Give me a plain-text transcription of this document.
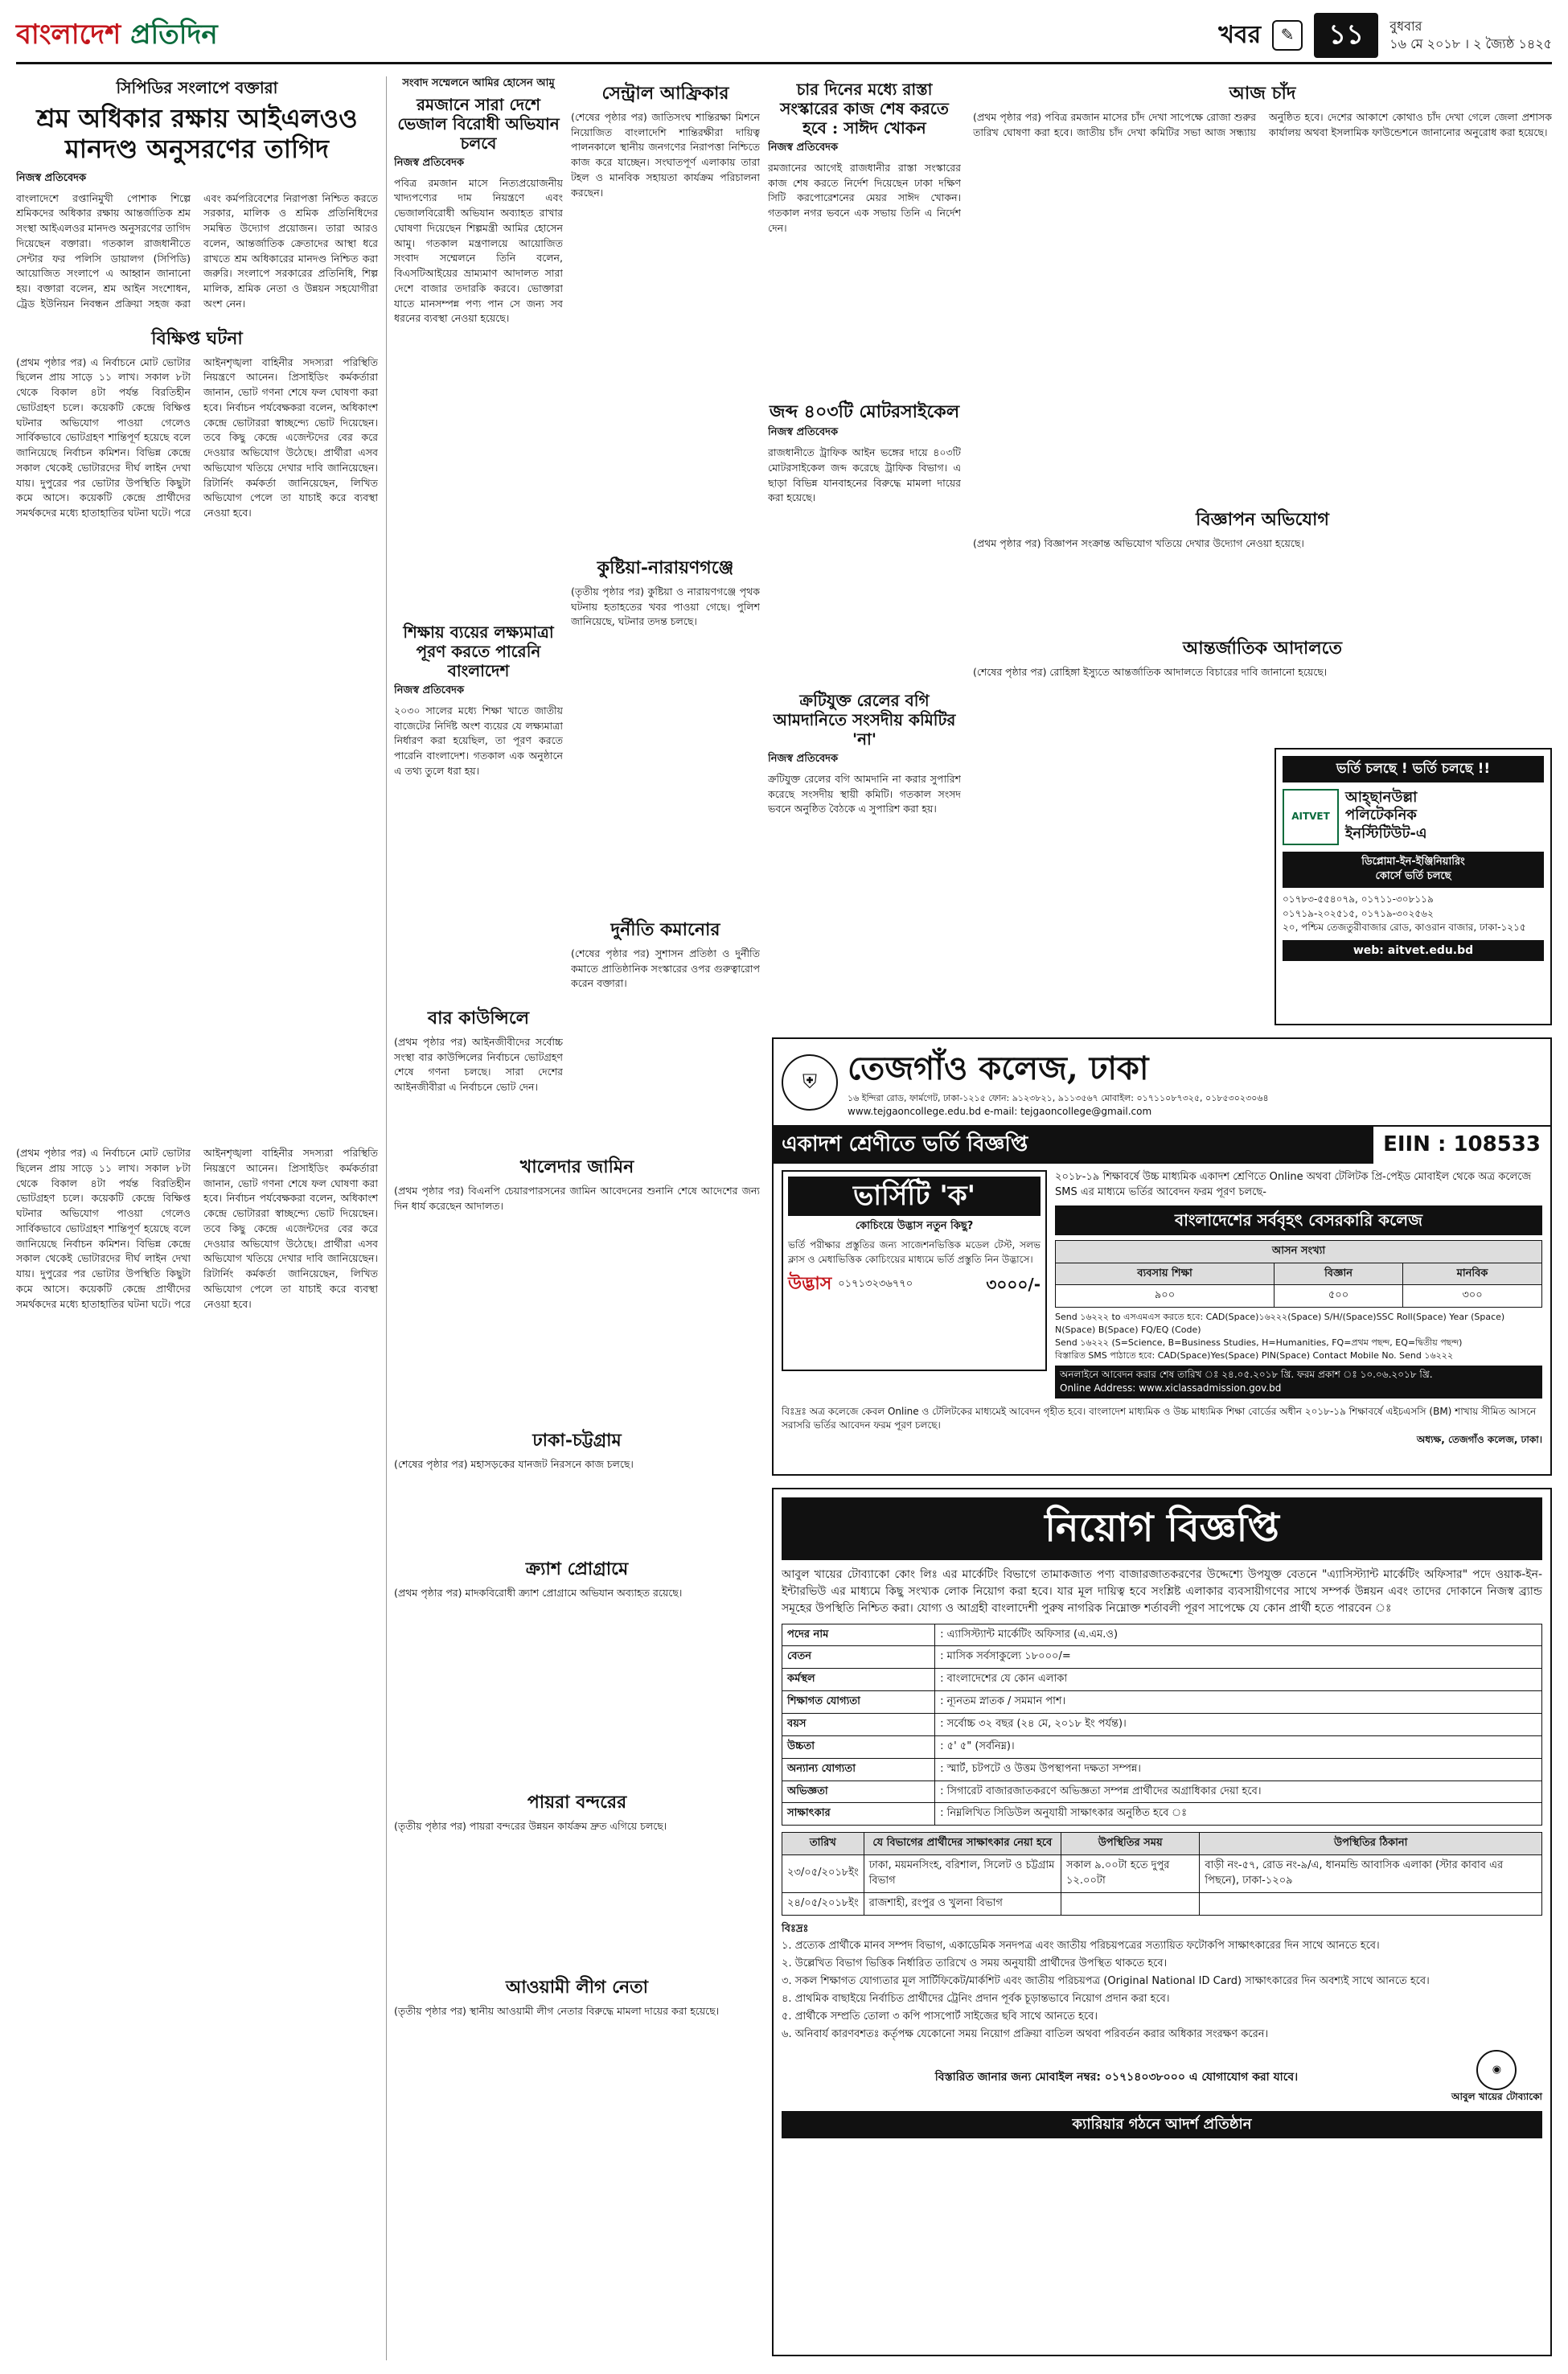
বাংলাদেশ প্রতিদিন	খবর	✎	১১	বুধবার
১৬ মে ২০১৮ । ২ জ্যৈষ্ঠ ১৪২৫
সিপিডির সংলাপে বক্তারা
শ্রম অধিকার রক্ষায় আইএলওও মানদণ্ড অনুসরণের তাগিদ
নিজস্ব প্রতিবেদক

বাংলাদেশে রপ্তানিমুখী পোশাক শিল্পে শ্রমিকদের অধিকার রক্ষায় আন্তর্জাতিক শ্রম সংস্থা আইএলওর মানদণ্ড অনুসরণের তাগিদ দিয়েছেন বক্তারা। গতকাল রাজধানীতে সেন্টার ফর পলিসি ডায়ালগ (সিপিডি) আয়োজিত সংলাপে এ আহ্বান জানানো হয়। বক্তারা বলেন, শ্রম আইন সংশোধন, ট্রেড ইউনিয়ন নিবন্ধন প্রক্রিয়া সহজ করা এবং কর্মপরিবেশের নিরাপত্তা নিশ্চিত করতে সরকার, মালিক ও শ্রমিক প্রতিনিধিদের সমন্বিত উদ্যোগ প্রয়োজন। তারা আরও বলেন, আন্তর্জাতিক ক্রেতাদের আস্থা ধরে রাখতে শ্রম অধিকারের মানদণ্ড নিশ্চিত করা জরুরি। সংলাপে সরকারের প্রতিনিধি, শিল্প মালিক, শ্রমিক নেতা ও উন্নয়ন সহযোগীরা অংশ নেন।

বিক্ষিপ্ত ঘটনা

(প্রথম পৃষ্ঠার পর) এ নির্বাচনে মোট ভোটার ছিলেন প্রায় সাড়ে ১১ লাখ। সকাল ৮টা থেকে বিকাল ৪টা পর্যন্ত বিরতিহীন ভোটগ্রহণ চলে। কয়েকটি কেন্দ্রে বিক্ষিপ্ত ঘটনার অভিযোগ পাওয়া গেলেও সার্বিকভাবে ভোটগ্রহণ শান্তিপূর্ণ হয়েছে বলে জানিয়েছে নির্বাচন কমিশন। বিভিন্ন কেন্দ্রে সকাল থেকেই ভোটারদের দীর্ঘ লাইন দেখা যায়। দুপুরের পর ভোটার উপস্থিতি কিছুটা কমে আসে। কয়েকটি কেন্দ্রে প্রার্থীদের সমর্থকদের মধ্যে হাতাহাতির ঘটনা ঘটে। পরে আইনশৃঙ্খলা বাহিনীর সদস্যরা পরিস্থিতি নিয়ন্ত্রণে আনেন। প্রিসাইডিং কর্মকর্তারা জানান, ভোট গণনা শেষে ফল ঘোষণা করা হবে। নির্বাচন পর্যবেক্ষকরা বলেন, অধিকাংশ কেন্দ্রে ভোটাররা স্বাচ্ছন্দ্যে ভোট দিয়েছেন। তবে কিছু কেন্দ্রে এজেন্টদের বের করে দেওয়ার অভিযোগ উঠেছে। প্রার্থীরা এসব অভিযোগ খতিয়ে দেখার দাবি জানিয়েছেন। রিটার্নিং কর্মকর্তা জানিয়েছেন, লিখিত অভিযোগ পেলে তা যাচাই করে ব্যবস্থা নেওয়া হবে।

সংবাদ সম্মেলনে আমির হোসেন আমু
রমজানে সারা দেশে ভেজাল বিরোধী অভিযান চলবে
নিজস্ব প্রতিবেদক

পবিত্র রমজান মাসে নিত্যপ্রয়োজনীয় খাদ্যপণ্যের দাম নিয়ন্ত্রণে এবং ভেজালবিরোধী অভিযান অব্যাহত রাখার ঘোষণা দিয়েছেন শিল্পমন্ত্রী আমির হোসেন আমু। গতকাল মন্ত্রণালয়ে আয়োজিত সংবাদ সম্মেলনে তিনি বলেন, বিএসটিআইয়ের ভ্রাম্যমাণ আদালত সারা দেশে বাজার তদারকি করবে। ভোক্তারা যাতে মানসম্পন্ন পণ্য পান সে জন্য সব ধরনের ব্যবস্থা নেওয়া হয়েছে।

শিক্ষায় ব্যয়ের লক্ষ্যমাত্রা পূরণ করতে পারেনি বাংলাদেশ
নিজস্ব প্রতিবেদক

২০৩০ সালের মধ্যে শিক্ষা খাতে জাতীয় বাজেটের নির্দিষ্ট অংশ ব্যয়ের যে লক্ষ্যমাত্রা নির্ধারণ করা হয়েছিল, তা পূরণ করতে পারেনি বাংলাদেশ। গতকাল এক অনুষ্ঠানে এ তথ্য তুলে ধরা হয়।

বার কাউন্সিলে

(প্রথম পৃষ্ঠার পর) আইনজীবীদের সর্বোচ্চ সংস্থা বার কাউন্সিলের নির্বাচনে ভোটগ্রহণ শেষে গণনা চলছে। সারা দেশের আইনজীবীরা এ নির্বাচনে ভোট দেন।

সেন্ট্রাল আফ্রিকার

(শেষের পৃষ্ঠার পর) জাতিসংঘ শান্তিরক্ষা মিশনে নিয়োজিত বাংলাদেশি শান্তিরক্ষীরা দায়িত্ব পালনকালে স্থানীয় জনগণের নিরাপত্তা নিশ্চিতে কাজ করে যাচ্ছেন। সংঘাতপূর্ণ এলাকায় তারা টহল ও মানবিক সহায়তা কার্যক্রম পরিচালনা করছেন।

কুষ্টিয়া-নারায়ণগঞ্জে

(তৃতীয় পৃষ্ঠার পর) কুষ্টিয়া ও নারায়ণগঞ্জে পৃথক ঘটনায় হতাহতের খবর পাওয়া গেছে। পুলিশ জানিয়েছে, ঘটনার তদন্ত চলছে।

দুর্নীতি কমানোর

(শেষের পৃষ্ঠার পর) সুশাসন প্রতিষ্ঠা ও দুর্নীতি কমাতে প্রাতিষ্ঠানিক সংস্কারের ওপর গুরুত্বারোপ করেন বক্তারা।

চার দিনের মধ্যে রাস্তা সংস্কারের কাজ শেষ করতে হবে : সাঈদ খোকন
নিজস্ব প্রতিবেদক

রমজানের আগেই রাজধানীর রাস্তা সংস্কারের কাজ শেষ করতে নির্দেশ দিয়েছেন ঢাকা দক্ষিণ সিটি করপোরেশনের মেয়র সাঈদ খোকন। গতকাল নগর ভবনে এক সভায় তিনি এ নির্দেশ দেন।

জব্দ ৪০৩টি মোটরসাইকেল
নিজস্ব প্রতিবেদক

রাজধানীতে ট্রাফিক আইন ভঙ্গের দায়ে ৪০৩টি মোটরসাইকেল জব্দ করেছে ট্রাফিক বিভাগ। এ ছাড়া বিভিন্ন যানবাহনের বিরুদ্ধে মামলা দায়ের করা হয়েছে।

ক্রটিযুক্ত রেলের বগি আমদানিতে সংসদীয় কমিটির 'না'
নিজস্ব প্রতিবেদক

ক্রটিযুক্ত রেলের বগি আমদানি না করার সুপারিশ করেছে সংসদীয় স্থায়ী কমিটি। গতকাল সংসদ ভবনে অনুষ্ঠিত বৈঠকে এ সুপারিশ করা হয়।

আজ চাঁদ

(প্রথম পৃষ্ঠার পর) পবিত্র রমজান মাসের চাঁদ দেখা সাপেক্ষে রোজা শুরুর তারিখ ঘোষণা করা হবে। জাতীয় চাঁদ দেখা কমিটির সভা আজ সন্ধ্যায় অনুষ্ঠিত হবে। দেশের আকাশে কোথাও চাঁদ দেখা গেলে জেলা প্রশাসক কার্যালয় অথবা ইসলামিক ফাউন্ডেশনে জানানোর অনুরোধ করা হয়েছে।

বিজ্ঞাপন অভিযোগ

(প্রথম পৃষ্ঠার পর) বিজ্ঞাপন সংক্রান্ত অভিযোগ খতিয়ে দেখার উদ্যোগ নেওয়া হয়েছে।

আন্তর্জাতিক আদালতে

(শেষের পৃষ্ঠার পর) রোহিঙ্গা ইস্যুতে আন্তর্জাতিক আদালতে বিচারের দাবি জানানো হয়েছে।

ভর্তি চলছে ! ভর্তি চলছে !!
AITVET
আহ্‌ছানউল্লা
পলিটেকনিক
ইনস্টিটিউট-এ
ডিপ্লোমা-ইন-ইঞ্জিনিয়ারিং
কোর্সে ভর্তি চলছে
০১৭৮৩-৫৫৪০৭৯, ০১৭১১-৩০৮১১৯
০১৭১৯-২০২৫১৫, ০১৭১৯-৩০২৫৬২
২০, পশ্চিম তেজতুরীবাজার রোড, কাওরান বাজার, ঢাকা-১২১৫
web: aitvet.edu.bd
⛨ তেজগাঁও কলেজ, ঢাকা
১৬ ইন্দিরা রোড, ফার্মগেট, ঢাকা-১২১৫ ফোন: ৯১২৩৮২১, ৯১১৩৫৬৭ মোবাইল: ০১৭১১০৮৭৩২৫, ০১৮৫৩০২৩০৬৪
www.tejgaoncollege.edu.bd e-mail: tejgaoncollege@gmail.com
একাদশ শ্রেণীতে ভর্তি বিজ্ঞপ্তি	EIIN : 108533
ভার্সিটি 'ক'
কোচিংয়ে উদ্ভাস নতুন কিছু?

ভর্তি পরীক্ষার প্রস্তুতির জন্য সাজেশনভিত্তিক মডেল টেস্ট, সলভ ক্লাস ও মেধাভিত্তিক কোচিংয়ের মাধ্যমে ভর্তি প্রস্তুতি নিন উদ্ভাসে।

উদ্ভাস ০১৭১৩২৩৬৭৭০	৩০০০/-

২০১৮-১৯ শিক্ষাবর্ষে উচ্চ মাধ্যমিক একাদশ শ্রেণিতে Online অথবা টেলিটক প্রি-পেইড মোবাইল থেকে অত্র কলেজে SMS এর মাধ্যমে ভর্তির আবেদন ফরম পূরণ চলছে-

বাংলাদেশের সর্ববৃহৎ বেসরকারি কলেজ
আসন সংখ্যা		
ব্যবসায় শিক্ষা	বিজ্ঞান	মানবিক
৯০০	৫০০	৩০০
Send ১৬২২২ to এসএমএস করতে হবে: CAD(Space)১৬২২২(Space) S/H/(Space)SSC Roll(Space) Year (Space) N(Space) B(Space) FQ/EQ (Code)
Send ১৬২২২ (S=Science, B=Business Studies, H=Humanities, FQ=প্রথম পছন্দ, EQ=দ্বিতীয় পছন্দ)
বিস্তারিত SMS পাঠাতে হবে: CAD(Space)Yes(Space) PIN(Space) Contact Mobile No. Send ১৬২২২
অনলাইনে আবেদন করার শেষ তারিখ ঃ ২৪.০৫.২০১৮ খ্রি. ফরম প্রকাশ ঃ ১০.০৬.২০১৮ খ্রি.
Online Address: www.xiclassadmission.gov.bd
বিঃদ্রঃ অত্র কলেজে কেবল Online ও টেলিটকের মাধ্যমেই আবেদন গৃহীত হবে। বাংলাদেশ মাধ্যমিক ও উচ্চ মাধ্যমিক শিক্ষা বোর্ডের অধীন ২০১৮-১৯ শিক্ষাবর্ষে এইচএসসি (BM) শাখায় সীমিত আসনে সরাসরি ভর্তির আবেদন ফরম পূরণ চলছে।
অধ্যক্ষ, তেজগাঁও কলেজ, ঢাকা।
খালেদার জামিন

(প্রথম পৃষ্ঠার পর) বিএনপি চেয়ারপারসনের জামিন আবেদনের শুনানি শেষে আদেশের জন্য দিন ধার্য করেছেন আদালত।

ঢাকা-চট্টগ্রাম

(শেষের পৃষ্ঠার পর) মহাসড়কের যানজট নিরসনে কাজ চলছে।

ক্র্যাশ প্রোগ্রামে

(প্রথম পৃষ্ঠার পর) মাদকবিরোধী ক্র্যাশ প্রোগ্রামে অভিযান অব্যাহত রয়েছে।

পায়রা বন্দরের

(তৃতীয় পৃষ্ঠার পর) পায়রা বন্দরের উন্নয়ন কার্যক্রম দ্রুত এগিয়ে চলছে।

আওয়ামী লীগ নেতা

(তৃতীয় পৃষ্ঠার পর) স্থানীয় আওয়ামী লীগ নেতার বিরুদ্ধে মামলা দায়ের করা হয়েছে।

(প্রথম পৃষ্ঠার পর) এ নির্বাচনে মোট ভোটার ছিলেন প্রায় সাড়ে ১১ লাখ। সকাল ৮টা থেকে বিকাল ৪টা পর্যন্ত বিরতিহীন ভোটগ্রহণ চলে। কয়েকটি কেন্দ্রে বিক্ষিপ্ত ঘটনার অভিযোগ পাওয়া গেলেও সার্বিকভাবে ভোটগ্রহণ শান্তিপূর্ণ হয়েছে বলে জানিয়েছে নির্বাচন কমিশন। বিভিন্ন কেন্দ্রে সকাল থেকেই ভোটারদের দীর্ঘ লাইন দেখা যায়। দুপুরের পর ভোটার উপস্থিতি কিছুটা কমে আসে। কয়েকটি কেন্দ্রে প্রার্থীদের সমর্থকদের মধ্যে হাতাহাতির ঘটনা ঘটে। পরে আইনশৃঙ্খলা বাহিনীর সদস্যরা পরিস্থিতি নিয়ন্ত্রণে আনেন। প্রিসাইডিং কর্মকর্তারা জানান, ভোট গণনা শেষে ফল ঘোষণা করা হবে। নির্বাচন পর্যবেক্ষকরা বলেন, অধিকাংশ কেন্দ্রে ভোটাররা স্বাচ্ছন্দ্যে ভোট দিয়েছেন। তবে কিছু কেন্দ্রে এজেন্টদের বের করে দেওয়ার অভিযোগ উঠেছে। প্রার্থীরা এসব অভিযোগ খতিয়ে দেখার দাবি জানিয়েছেন। রিটার্নিং কর্মকর্তা জানিয়েছেন, লিখিত অভিযোগ পেলে তা যাচাই করে ব্যবস্থা নেওয়া হবে।

নিয়োগ বিজ্ঞপ্তি

আবুল খায়ের টোব্যাকো কোং লিঃ এর মার্কেটিং বিভাগে তামাকজাত পণ্য বাজারজাতকরণের উদ্দেশ্যে উপযুক্ত বেতনে "এ্যাসিস্ট্যান্ট মার্কেটিং অফিসার" পদে ওয়াক-ইন-ইন্টারভিউ এর মাধ্যমে কিছু সংখ্যক লোক নিয়োগ করা হবে। যার মূল দায়িত্ব হবে সংশ্লিষ্ট এলাকার ব্যবসায়ীগণের সাথে সম্পর্ক উন্নয়ন এবং তাদের দোকানে নিজস্ব ব্র্যান্ড সমূহের উপস্থিতি নিশ্চিত করা। যোগ্য ও আগ্রহী বাংলাদেশী পুরুষ নাগরিক নিম্নোক্ত শর্তাবলী পূরণ সাপেক্ষে যে কোন প্রার্থী হতে পারবেন ঃ

পদের নাম	: এ্যাসিস্ট্যান্ট মার্কেটিং অফিসার (এ.এম.ও)
বেতন	: মাসিক সর্বসাকুল্যে ১৮০০০/=
কর্মস্থল	: বাংলাদেশের যে কোন এলাকা
শিক্ষাগত যোগ্যতা	: ন্যূনতম স্নাতক / সমমান পাশ।
বয়স	: সর্বোচ্চ ৩২ বছর (২৪ মে, ২০১৮ ইং পর্যন্ত)।
উচ্চতা	: ৫' ৫" (সর্বনিম্ন)।
অন্যান্য যোগ্যতা	: স্মার্ট, চটপটে ও উত্তম উপস্থাপনা দক্ষতা সম্পন্ন।
অভিজ্ঞতা	: সিগারেট বাজারজাতকরণে অভিজ্ঞতা সম্পন্ন প্রার্থীদের অগ্রাধিকার দেয়া হবে।
সাক্ষাৎকার	: নিম্নলিখিত সিডিউল অনুযায়ী সাক্ষাৎকার অনুষ্ঠিত হবে ঃ
তারিখ	যে বিভাগের প্রার্থীদের সাক্ষাৎকার নেয়া হবে	উপস্থিতির সময়	উপস্থিতির ঠিকানা
২৩/০৫/২০১৮ইং	ঢাকা, ময়মনসিংহ, বরিশাল, সিলেট ও চট্টগ্রাম বিভাগ	সকাল ৯.০০টা হতে দুপুর ১২.০০টা	বাড়ী নং-৫৭, রোড নং-৯/এ, ধানমন্ডি আবাসিক এলাকা (স্টার কাবাব এর পিছনে), ঢাকা-১২০৯
২৪/০৫/২০১৮ইং	রাজশাহী, রংপুর ও খুলনা বিভাগ		
বিঃদ্রঃ
১. প্রত্যেক প্রার্থীকে মানব সম্পদ বিভাগ, একাডেমিক সনদপত্র এবং জাতীয় পরিচয়পত্রের সত্যায়িত ফটোকপি সাক্ষাৎকারের দিন সাথে আনতে হবে।
২. উল্লেখিত বিভাগ ভিত্তিক নির্ধারিত তারিখে ও সময় অনুযায়ী প্রার্থীদের উপস্থিত থাকতে হবে।
৩. সকল শিক্ষাগত যোগ্যতার মূল সার্টিফিকেট/মার্কশিট এবং জাতীয় পরিচয়পত্র (Original National ID Card) সাক্ষাৎকারের দিন অবশ্যই সাথে আনতে হবে।
৪. প্রাথমিক বাছাইয়ে নির্বাচিত প্রার্থীদের ট্রেনিং প্রদান পূর্বক চূড়ান্তভাবে নিয়োগ প্রদান করা হবে।
৫. প্রার্থীকে সম্প্রতি তোলা ৩ কপি পাসপোর্ট সাইজের ছবি সাথে আনতে হবে।
৬. অনিবার্য কারণবশতঃ কর্তৃপক্ষ যেকোনো সময় নিয়োগ প্রক্রিয়া বাতিল অথবা পরিবর্তন করার অধিকার সংরক্ষণ করেন।
বিস্তারিত জানার জন্য মোবাইল নম্বর: ০১৭১৪০৩৮০০০ এ যোগাযোগ করা যাবে।
◉
আবুল খায়ের টোব্যাকো
ক্যারিয়ার গঠনে আদর্শ প্রতিষ্ঠান
